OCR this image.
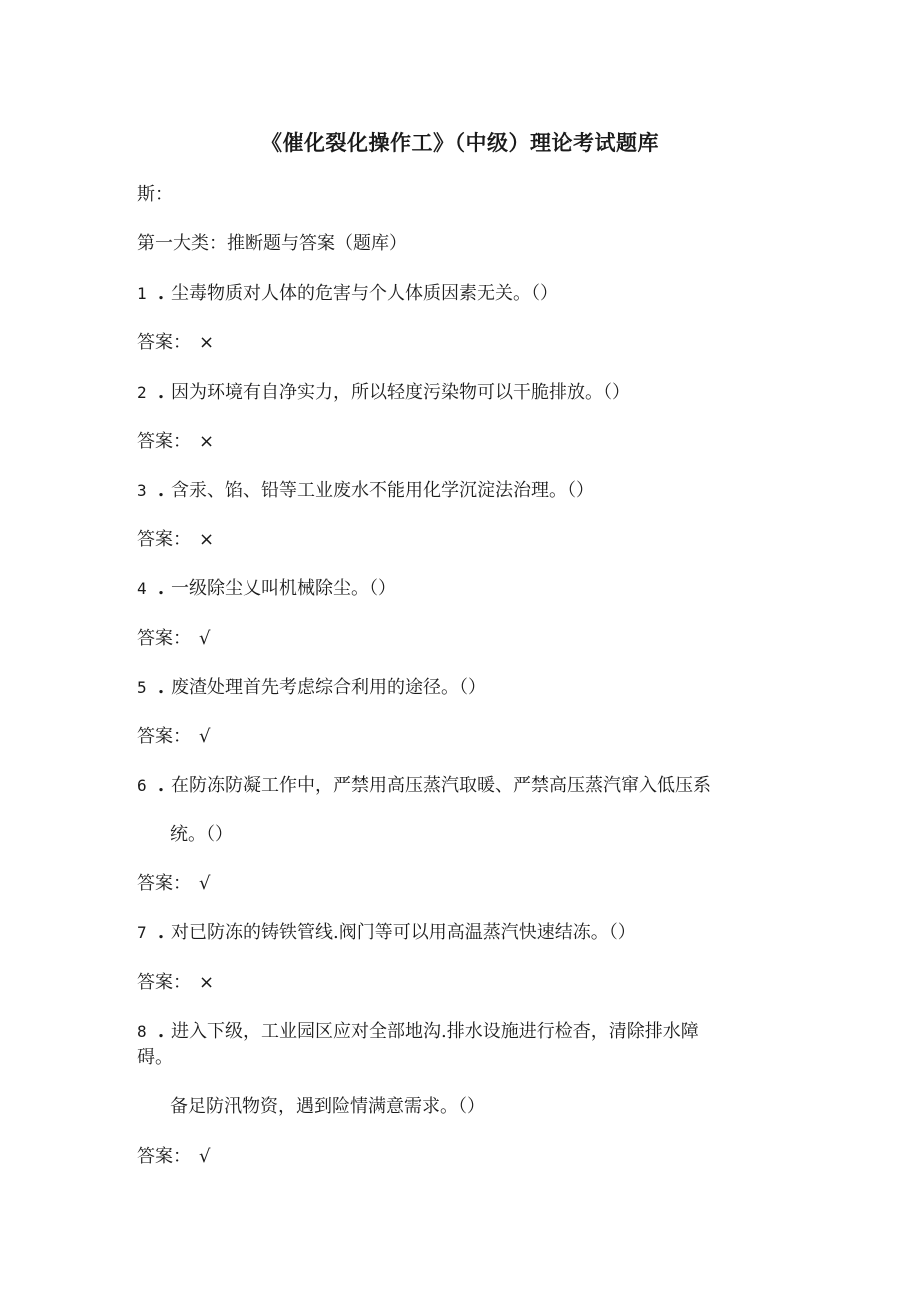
《催化裂化操作工》（中级）理论考试题库

斯：

第一大类：推断题与答案（题库）

1 . 尘毒物质对人体的危害与个人体质因素无关。（）

答案： ×

2 . 因为环境有自净实力，所以轻度污染物可以干脆排放。（）

答案： ×

3 . 含汞、馅、铅等工业废水不能用化学沉淀法治理。（）

答案： ×

4 . 一级除尘乂叫机械除尘。（）

答案： √

5 . 废渣处理首先考虑综合利用的途径。（）

答案： √

6 . 在防冻防凝工作中，严禁用高压蒸汽取暖、严禁高压蒸汽窜入低压系

统。（）

答案： √

7 . 对已防冻的铸铁管线.阀门等可以用高温蒸汽快速结冻。（）

答案： ×

8 . 进入下级，工业园区应对全部地沟.排水设施进行检杳，清除排水障

碍。

备足防汛物资，遇到险情满意需求。（）

答案： √
